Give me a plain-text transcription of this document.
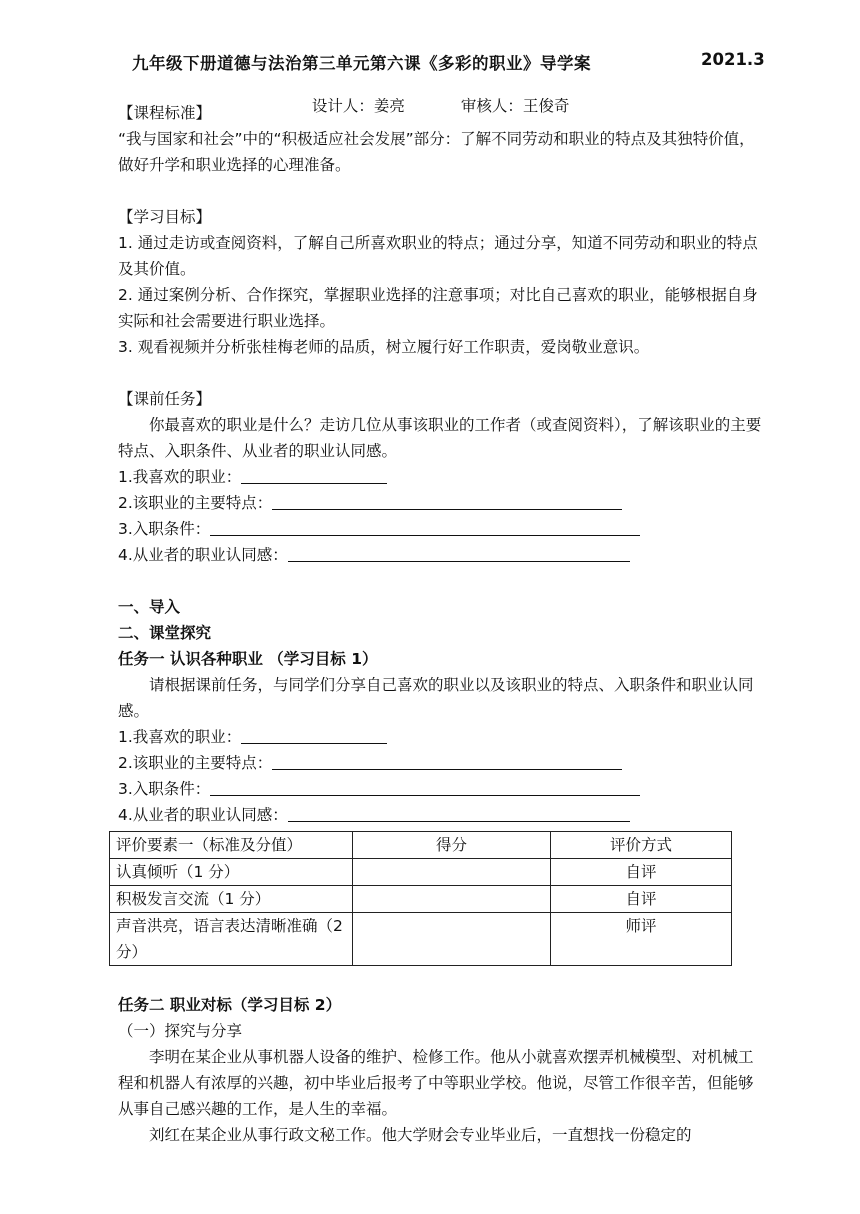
九年级下册道德与法治第三单元第六课《多彩的职业》导学案	2021.3

设计人：姜亮	审核人：王俊奇

【课程标准】
“我与国家和社会”中的“积极适应社会发展”部分：了解不同劳动和职业的特点及其独特价值，做好升学和职业选择的心理准备。
【学习目标】
1. 通过走访或查阅资料，了解自己所喜欢职业的特点；通过分享，知道不同劳动和职业的特点及其价值。
2. 通过案例分析、合作探究，掌握职业选择的注意事项；对比自己喜欢的职业，能够根据自身实际和社会需要进行职业选择。
3. 观看视频并分析张桂梅老师的品质，树立履行好工作职责，爱岗敬业意识。
【课前任务】
你最喜欢的职业是什么？走访几位从事该职业的工作者（或查阅资料），了解该职业的主要特点、入职条件、从业者的职业认同感。
1.我喜欢的职业：
2.该职业的主要特点：
3.入职条件：
4.从业者的职业认同感：
一、导入
二、课堂探究
任务一 认识各种职业 （学习目标 1）
请根据课前任务，与同学们分享自己喜欢的职业以及该职业的特点、入职条件和职业认同感。
1.我喜欢的职业：
2.该职业的主要特点：
3.入职条件：
4.从业者的职业认同感：
评价要素一（标准及分值）	得分	评价方式
认真倾听（1 分）		自评
积极发言交流（1 分）		自评
声音洪亮，语言表达清晰准确（2 分）		师评
任务二 职业对标（学习目标 2）
（一）探究与分享
李明在某企业从事机器人设备的维护、检修工作。他从小就喜欢摆弄机械模型、对机械工程和机器人有浓厚的兴趣，初中毕业后报考了中等职业学校。他说，尽管工作很辛苦，但能够从事自己感兴趣的工作，是人生的幸福。
刘红在某企业从事行政文秘工作。他大学财会专业毕业后，一直想找一份稳定的
